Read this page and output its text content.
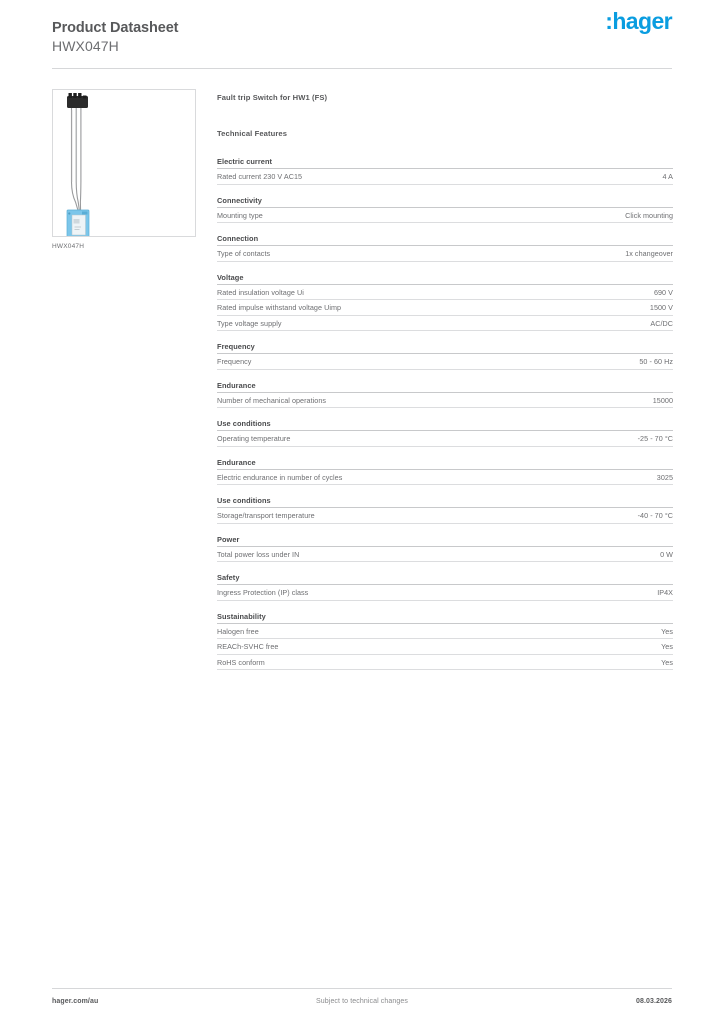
Product Datasheet
HWX047H
:hager
HWX047H
Fault trip Switch for HW1 (FS)
Technical Features
Electric current
Rated current 230 V AC15	4 A
Connectivity
Mounting type	Click mounting
Connection
Type of contacts	1x changeover
Voltage
Rated insulation voltage Ui	690 V
Rated impulse withstand voltage Uimp	1500 V
Type voltage supply	AC/DC
Frequency
Frequency	50 - 60 Hz
Endurance
Number of mechanical operations	15000
Use conditions
Operating temperature	-25 - 70 °C
Endurance
Electric endurance in number of cycles	3025
Use conditions
Storage/transport temperature	-40 - 70 °C
Power
Total power loss under IN	0 W
Safety
Ingress Protection (IP) class	IP4X
Sustainability
Halogen free	Yes
REACh-SVHC free	Yes
RoHS conform	Yes
Subject to technical changes
hager.com/au	08.03.2026
